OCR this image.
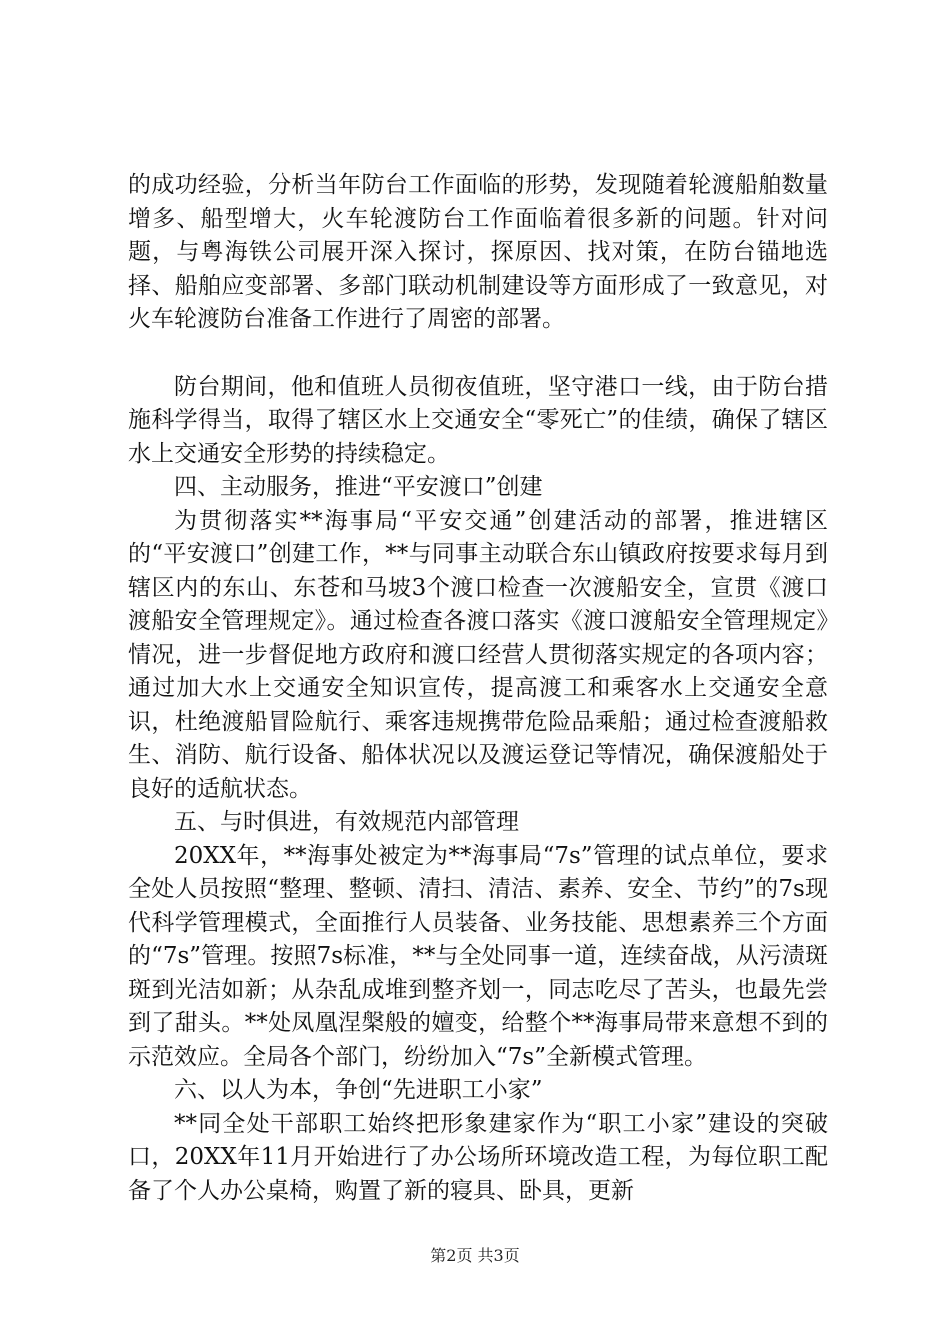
的成功经验，分析当年防台工作面临的形势，发现随着轮渡船舶数量增多、船型增大，火车轮渡防台工作面临着很多新的问题。针对问题，与粤海铁公司展开深入探讨，探原因、找对策，在防台锚地选择、船舶应变部署、多部门联动机制建设等方面形成了一致意见，对火车轮渡防台准备工作进行了周密的部署。

防台期间，他和值班人员彻夜值班，坚守港口一线，由于防台措施科学得当，取得了辖区水上交通安全“零死亡”的佳绩，确保了辖区水上交通安全形势的持续稳定。

四、主动服务，推进“平安渡口”创建

为贯彻落实**海事局“平安交通”创建活动的部署，推进辖区的“平安渡口”创建工作，**与同事主动联合东山镇政府按要求每月到辖区内的东山、东苍和马坡3个渡口检查一次渡船安全，宣贯《渡口渡船安全管理规定》。通过检查各渡口落实《渡口渡船安全管理规定》情况，进一步督促地方政府和渡口经营人贯彻落实规定的各项内容；通过加大水上交通安全知识宣传，提高渡工和乘客水上交通安全意识，杜绝渡船冒险航行、乘客违规携带危险品乘船；通过检查渡船救生、消防、航行设备、船体状况以及渡运登记等情况，确保渡船处于良好的适航状态。

五、与时俱进，有效规范内部管理

20XX年，**海事处被定为**海事局“7s”管理的试点单位，要求全处人员按照“整理、整顿、清扫、清洁、素养、安全、节约”的7s现代科学管理模式，全面推行人员装备、业务技能、思想素养三个方面的“7s”管理。按照7s标准，**与全处同事一道，连续奋战，从污渍斑斑到光洁如新；从杂乱成堆到整齐划一，同志吃尽了苦头，也最先尝到了甜头。**处凤凰涅槃般的嬗变，给整个**海事局带来意想不到的示范效应。全局各个部门，纷纷加入“7s”全新模式管理。

六、以人为本，争创“先进职工小家”

**同全处干部职工始终把形象建家作为“职工小家”建设的突破口，20XX年11月开始进行了办公场所环境改造工程，为每位职工配备了个人办公桌椅，购置了新的寝具、卧具，更新

第2页 共3页
